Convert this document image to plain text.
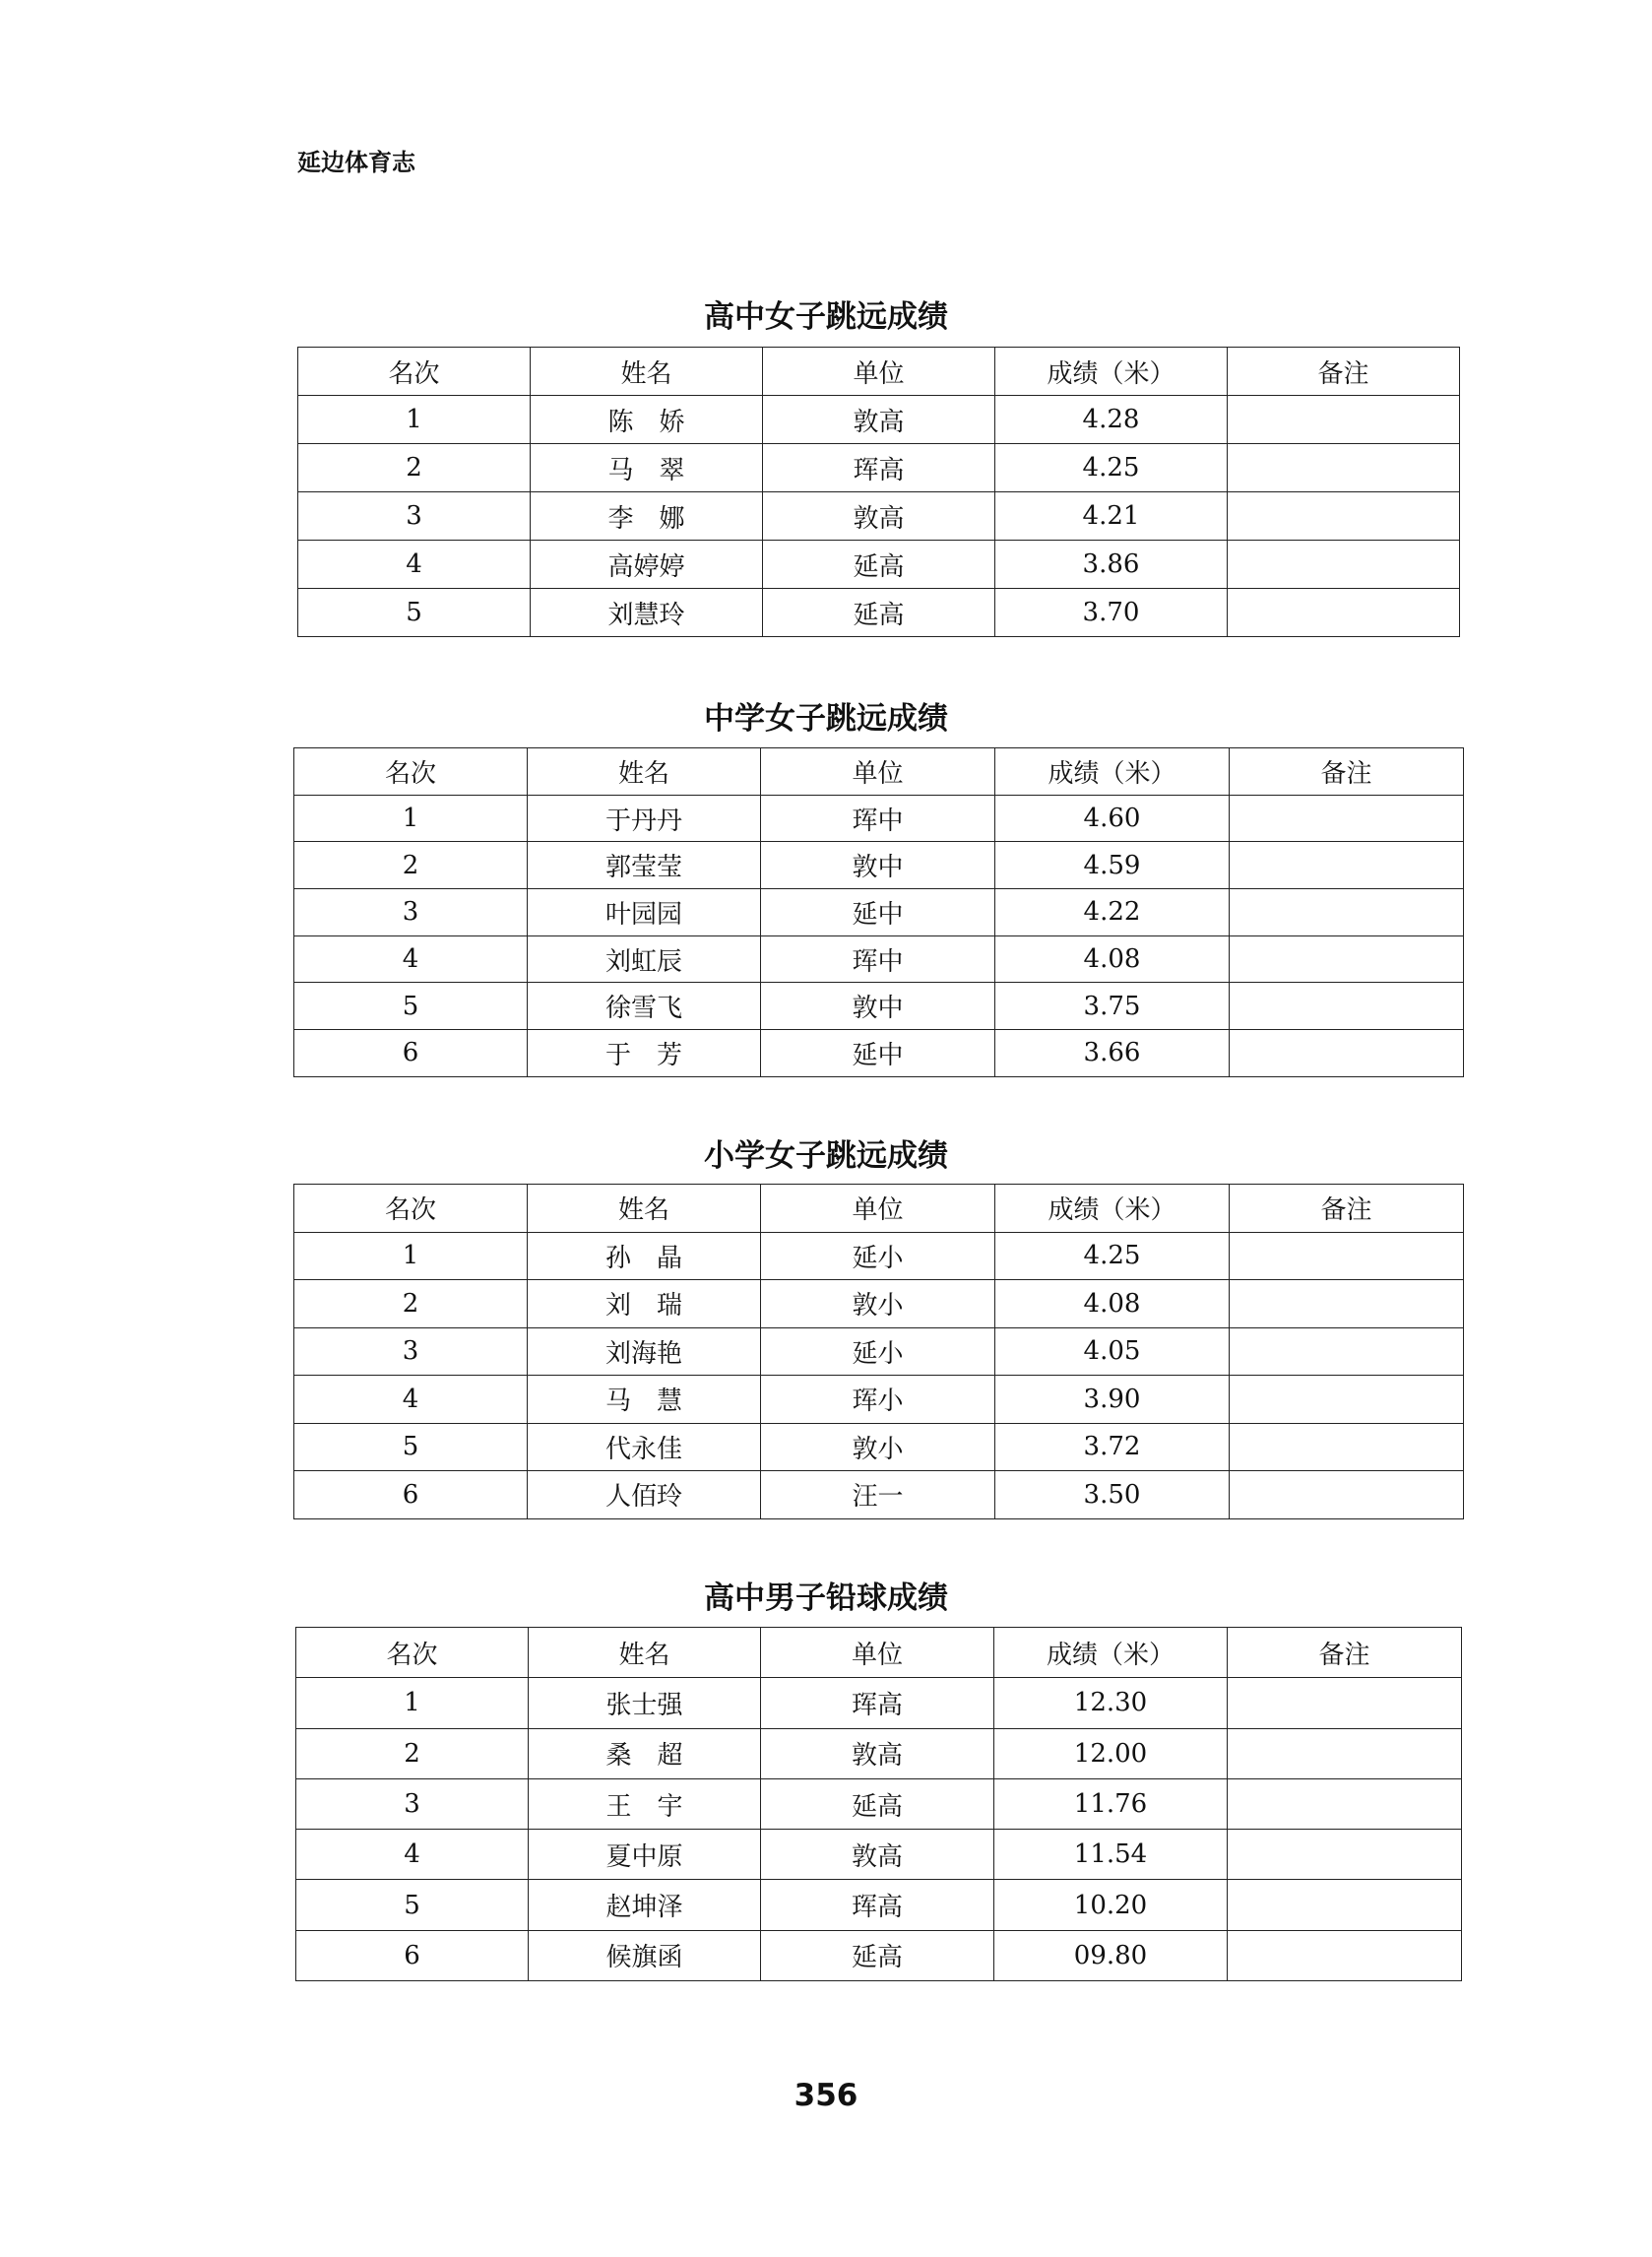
延边体育志
高中女子跳远成绩
名次	姓名	单位	成绩（米）	备注
1	陈　娇	敦高	4.28	
2	马　翠	珲高	4.25	
3	李　娜	敦高	4.21	
4	高婷婷	延高	3.86	
5	刘慧玲	延高	3.70	
中学女子跳远成绩
名次	姓名	单位	成绩（米）	备注
1	于丹丹	珲中	4.60	
2	郭莹莹	敦中	4.59	
3	叶园园	延中	4.22	
4	刘虹辰	珲中	4.08	
5	徐雪飞	敦中	3.75	
6	于　芳	延中	3.66	
小学女子跳远成绩
名次	姓名	单位	成绩（米）	备注
1	孙　晶	延小	4.25	
2	刘　瑞	敦小	4.08	
3	刘海艳	延小	4.05	
4	马　慧	珲小	3.90	
5	代永佳	敦小	3.72	
6	人佰玲	汪一	3.50	
高中男子铅球成绩
名次	姓名	单位	成绩（米）	备注
1	张士强	珲高	12.30	
2	桑　超	敦高	12.00	
3	王　宇	延高	11.76	
4	夏中原	敦高	11.54	
5	赵坤泽	珲高	10.20	
6	候旗函	延高	09.80	
356
